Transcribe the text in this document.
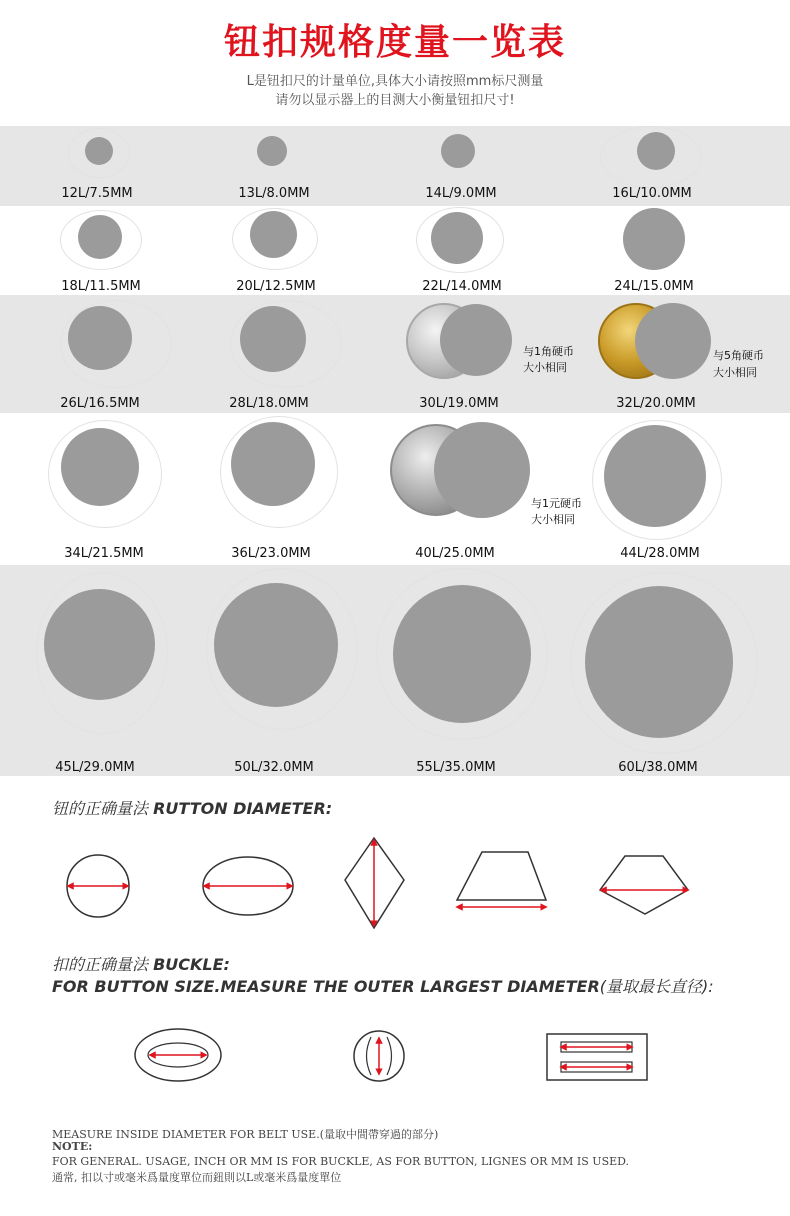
钮扣规格度量一览表
L是钮扣尺的计量单位,具体大小请按照mm标尺测量
请勿以显示器上的目测大小衡量钮扣尺寸!
12L/7.5MM	13L/8.0MM	14L/9.0MM	16L/10.0MM
18L/11.5MM	20L/12.5MM	22L/14.0MM	24L/15.0MM
与1角硬币
大小相同
与5角硬币
大小相同
26L/16.5MM	28L/18.0MM	30L/19.0MM	32L/20.0MM
与1元硬币
大小相同
34L/21.5MM	36L/23.0MM	40L/25.0MM	44L/28.0MM
45L/29.0MM	50L/32.0MM	55L/35.0MM	60L/38.0MM
钮的正确量法 RUTTON DIAMETER:
扣的正确量法 BUCKLE:
FOR BUTTON SIZE.MEASURE THE OUTER LARGEST DIAMETER(量取最长直径):
MEASURE INSIDE DIAMETER FOR BELT USE.(量取中間帶穿過的部分)
NOTE:
FOR GENERAL. USAGE, INCH OR MM IS FOR BUCKLE, AS FOR BUTTON, LIGNES OR MM IS USED.
通常, 扣以寸或毫米爲量度單位而鈕則以L或毫米爲量度單位
